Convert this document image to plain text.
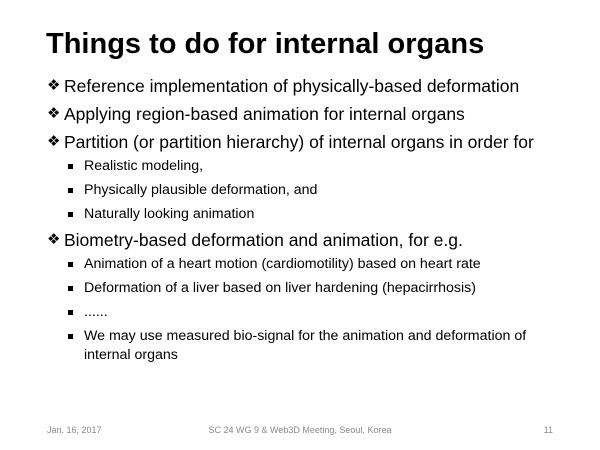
Things to do for internal organs
❖ Reference implementation of physically-based deformation
❖ Applying region-based animation for internal organs
❖ Partition (or partition hierarchy) of internal organs in order for
Realistic modeling,
Physically plausible deformation, and
Naturally looking animation
❖ Biometry-based deformation and animation, for e.g.
Animation of a heart motion (cardiomotility) based on heart rate
Deformation of a liver based on liver hardening (hepacirrhosis)
......
We may use measured bio-signal for the animation and deformation of internal organs
Jan. 16, 2017	SC 24 WG 9 & Web3D Meeting, Seoul, Korea	11
